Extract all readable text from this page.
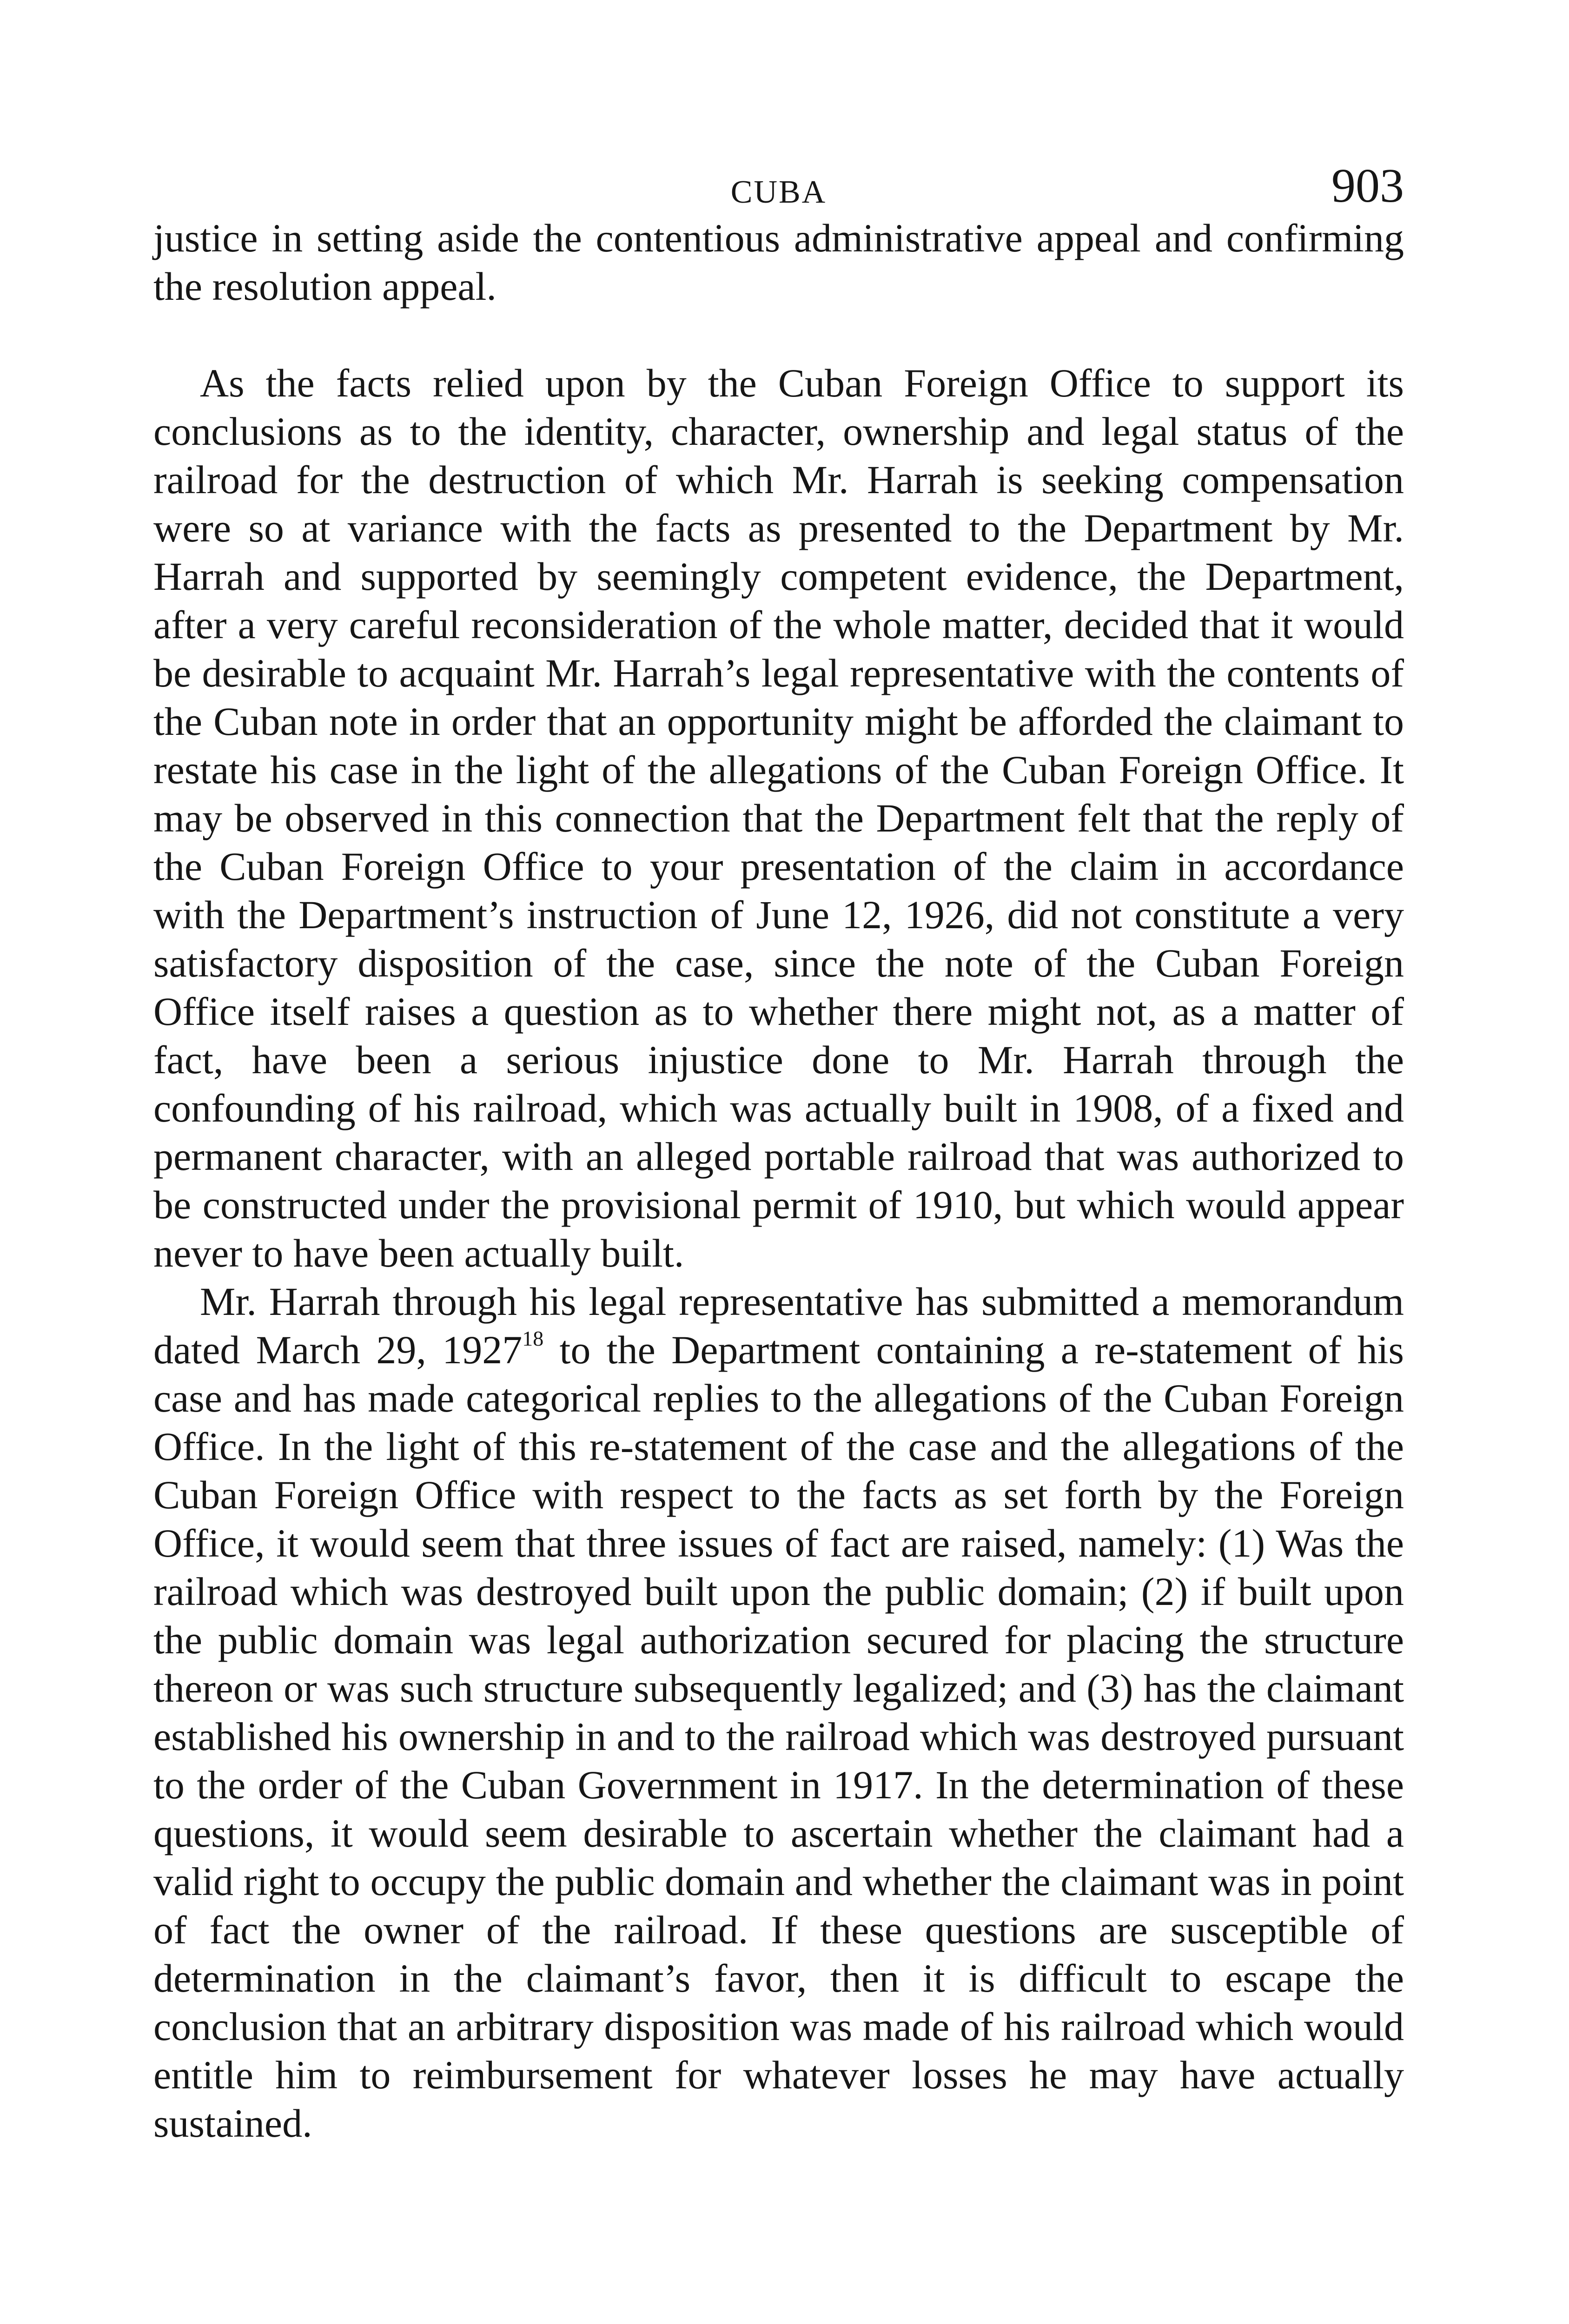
CUBA	903

justice in setting aside the contentious administrative appeal and confirming the resolution appeal.

As the facts relied upon by the Cuban Foreign Office to support its conclusions as to the identity, character, ownership and legal status of the railroad for the destruction of which Mr. Harrah is seeking compensation were so at variance with the facts as presented to the Department by Mr. Harrah and supported by seemingly competent evidence, the Department, after a very careful reconsideration of the whole matter, decided that it would be desirable to acquaint Mr. Harrah’s legal representative with the contents of the Cuban note in order that an opportunity might be afforded the claimant to restate his case in the light of the allegations of the Cuban Foreign Office. It may be observed in this connection that the Department felt that the reply of the Cuban Foreign Office to your presentation of the claim in accordance with the Department’s instruction of June 12, 1926, did not constitute a very satisfactory disposition of the case, since the note of the Cuban Foreign Office itself raises a question as to whether there might not, as a matter of fact, have been a serious injustice done to Mr. Harrah through the confounding of his railroad, which was actually built in 1908, of a fixed and permanent character, with an alleged portable railroad that was authorized to be constructed under the provisional permit of 1910, but which would appear never to have been actually built.

Mr. Harrah through his legal representative has submitted a memorandum dated March 29, 1927$^{18}$ to the Department containing a re-statement of his case and has made categorical replies to the allegations of the Cuban Foreign Office. In the light of this re-statement of the case and the allegations of the Cuban Foreign Office with respect to the facts as set forth by the Foreign Office, it would seem that three issues of fact are raised, namely: (1) Was the railroad which was destroyed built upon the public domain; (2) if built upon the public domain was legal authorization secured for placing the structure thereon or was such structure subsequently legalized; and (3) has the claimant established his ownership in and to the railroad which was destroyed pursuant to the order of the Cuban Government in 1917. In the determination of these questions, it would seem desirable to ascertain whether the claimant had a valid right to occupy the public domain and whether the claimant was in point of fact the owner of the railroad. If these questions are susceptible of determination in the claimant’s favor, then it is difficult to escape the conclusion that an arbitrary disposition was made of his railroad which would entitle him to reimbursement for whatever losses he may have actually sustained.
